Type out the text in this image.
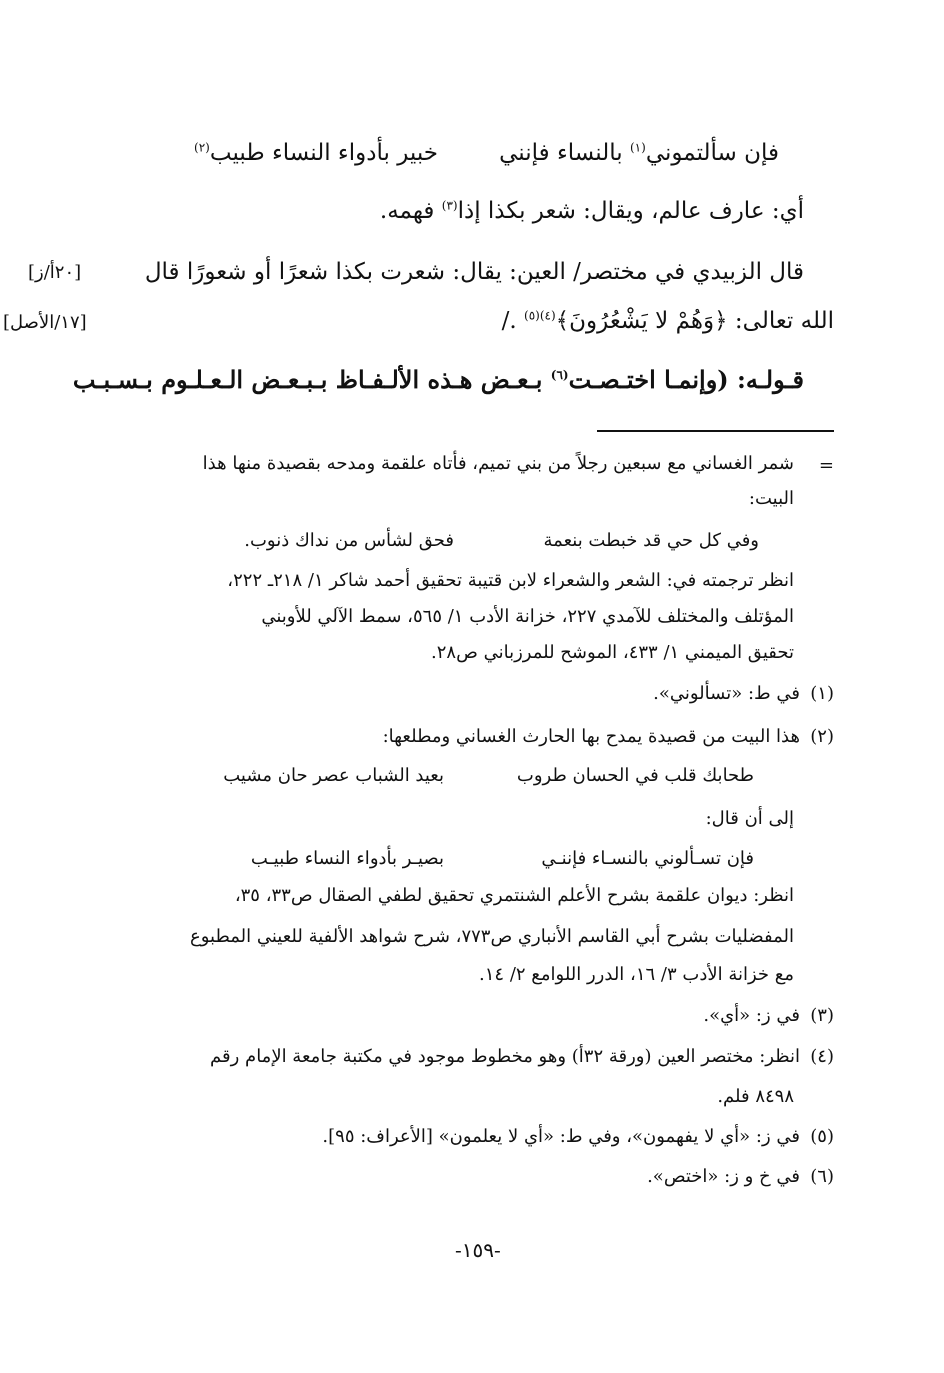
فإن سألتموني$^{(١)}$ بالنساء فإنني
خبير بأدواء النساء طبيب$^{(٢)}$
أي: عارف عالم، ويقال: شعر بكذا إذا$^{(٣)}$ فهمه.
قال الزبيدي في مختصر/ العين: يقال: شعرت بكذا شعرًا أو شعورًا قال
[٢٠أ/ز]
الله تعالى: ﴿وَهُمْ لا يَشْعُرُونَ﴾$^{(٤)(٥)}$ ./
[١٧/الأصل]
قـولـه: (وإنمـا اختـصـت$^{(٦)}$ بـعـض هـذه الألـفـاظ بـبـعـض الـعـلـوم بـسـبـب
=
شمر الغساني مع سبعين رجلاً من بني تميم، فأتاه علقمة ومدحه بقصيدة منها هذا
البيت:
وفي كل حي قد خبطت بنعمة
فحق لشأس من نداك ذنوب.
انظر ترجمته في: الشعر والشعراء لابن قتيبة تحقيق أحمد شاكر ١/ ٢١٨ـ ٢٢٢،
المؤتلف والمختلف للآمدي ٢٢٧، خزانة الأدب ١/ ٥٦٥، سمط الآلي للأوبني
تحقيق الميمني ١/ ٤٣٣، الموشح للمرزباني ص٢٨.
(١)في ط: «تسألوني».
(٢)هذا البيت من قصيدة يمدح بها الحارث الغساني ومطلعها:
طحابك قلب في الحسان طروب
بعيد الشباب عصر حان مشيب
إلى أن قال:
فإن تسـألوني بالنسـاء فإننـي
بصيـر بأدواء النساء طبيـب
انظر: ديوان علقمة بشرح الأعلم الشنتمري تحقيق لطفي الصقال ص٣٣، ٣٥،
المفضليات بشرح أبي القاسم الأنباري ص٧٧٣، شرح شواهد الألفية للعيني المطبوع
مع خزانة الأدب ٣/ ١٦، الدرر اللوامع ٢/ ١٤.
(٣)في ز: «أي».
(٤)انظر: مختصر العين (ورقة ٣٢أ) وهو مخطوط موجود في مكتبة جامعة الإمام رقم
٨٤٩٨ فلم.
(٥)في ز: «أي لا يفهمون»، وفي ط: «أي لا يعلمون» [الأعراف: ٩٥].
(٦)في خ و ز: «اختص».
-١٥٩-
